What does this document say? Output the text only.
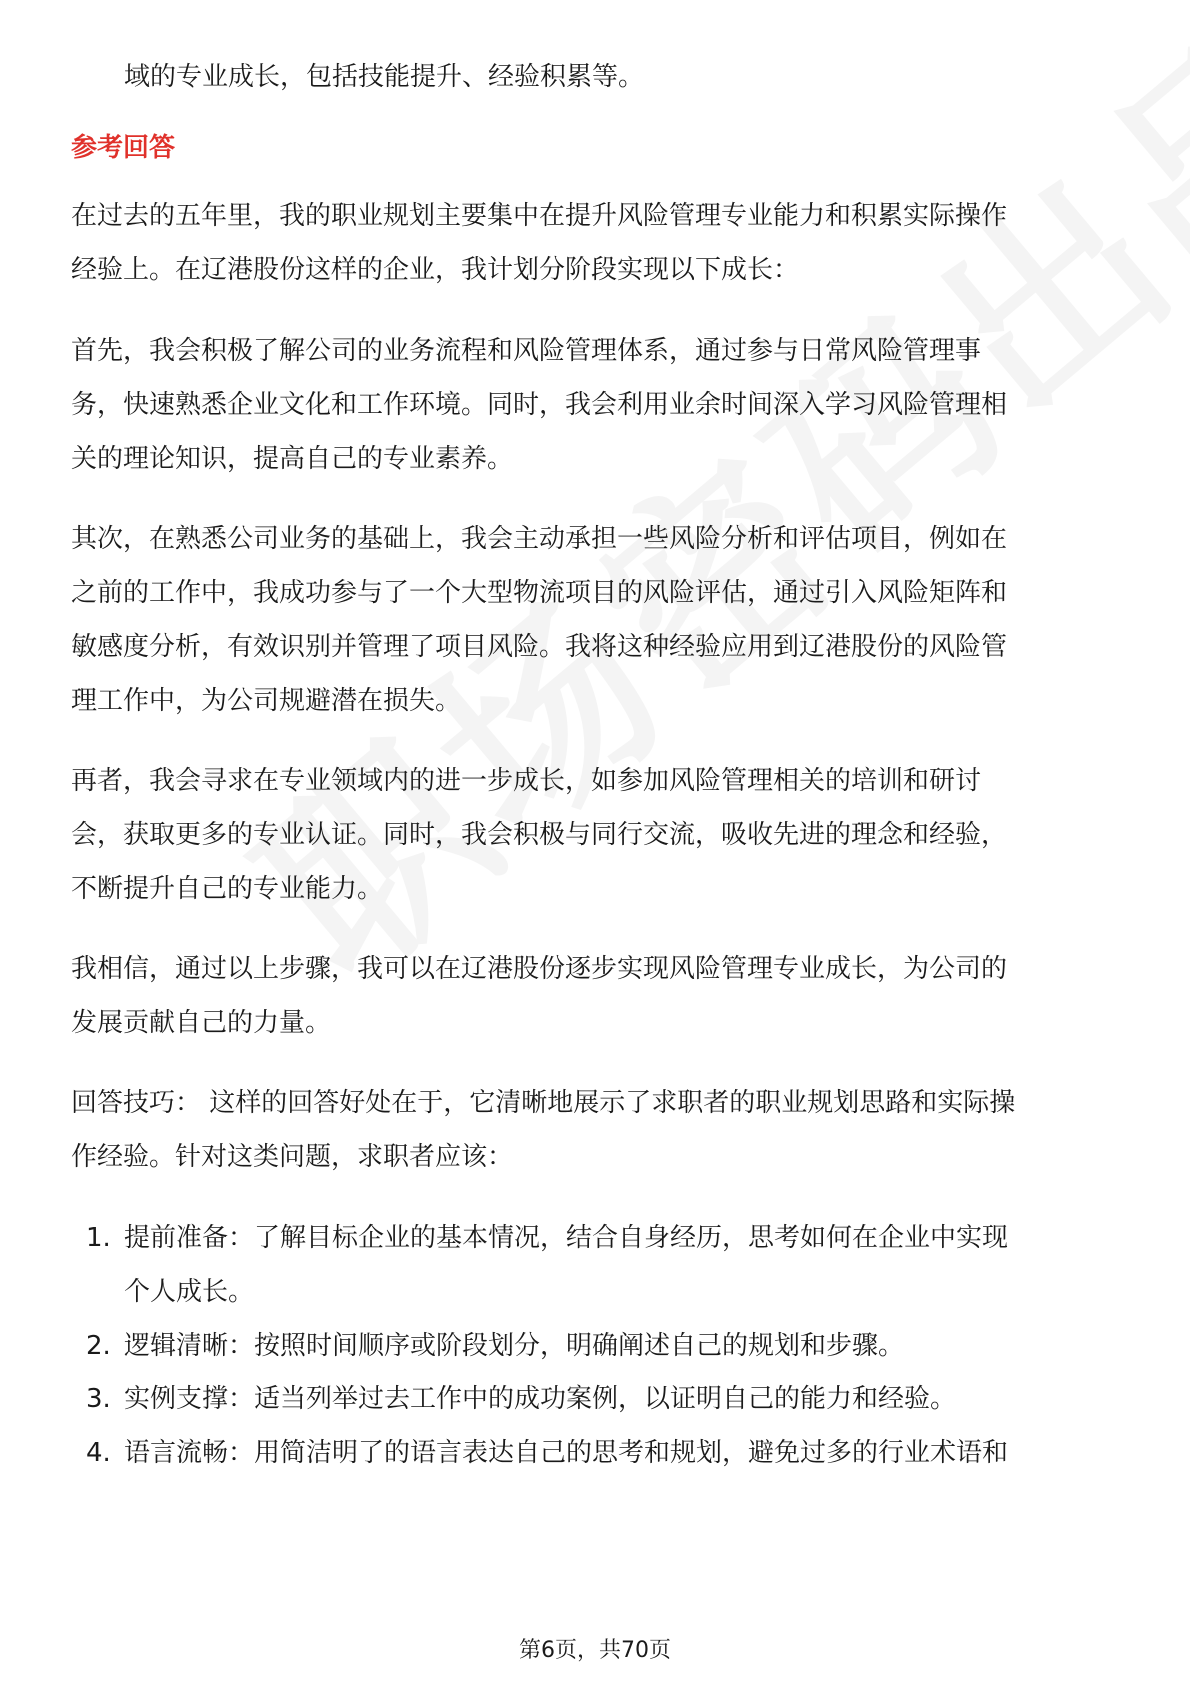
域的专业成长，包括技能提升、经验积累等。
参考回答
在过去的五年里，我的职业规划主要集中在提升风险管理专业能力和积累实际操作
经验上。在辽港股份这样的企业，我计划分阶段实现以下成长：
首先，我会积极了解公司的业务流程和风险管理体系，通过参与日常风险管理事
务，快速熟悉企业文化和工作环境。同时，我会利用业余时间深入学习风险管理相
关的理论知识，提高自己的专业素养。
其次，在熟悉公司业务的基础上，我会主动承担一些风险分析和评估项目，例如在
之前的工作中，我成功参与了一个大型物流项目的风险评估，通过引入风险矩阵和
敏感度分析，有效识别并管理了项目风险。我将这种经验应用到辽港股份的风险管
理工作中，为公司规避潜在损失。
再者，我会寻求在专业领域内的进一步成长，如参加风险管理相关的培训和研讨
会，获取更多的专业认证。同时，我会积极与同行交流，吸收先进的理念和经验，
不断提升自己的专业能力。
我相信，通过以上步骤，我可以在辽港股份逐步实现风险管理专业成长，为公司的
发展贡献自己的力量。
回答技巧： 这样的回答好处在于，它清晰地展示了求职者的职业规划思路和实际操
作经验。针对这类问题，求职者应该：
1. 提前准备：了解目标企业的基本情况，结合自身经历，思考如何在企业中实现
个人成长。
2. 逻辑清晰：按照时间顺序或阶段划分，明确阐述自己的规划和步骤。
3. 实例支撑：适当列举过去工作中的成功案例，以证明自己的能力和经验。
4. 语言流畅：用简洁明了的语言表达自己的思考和规划，避免过多的行业术语和
第6页，共70页
